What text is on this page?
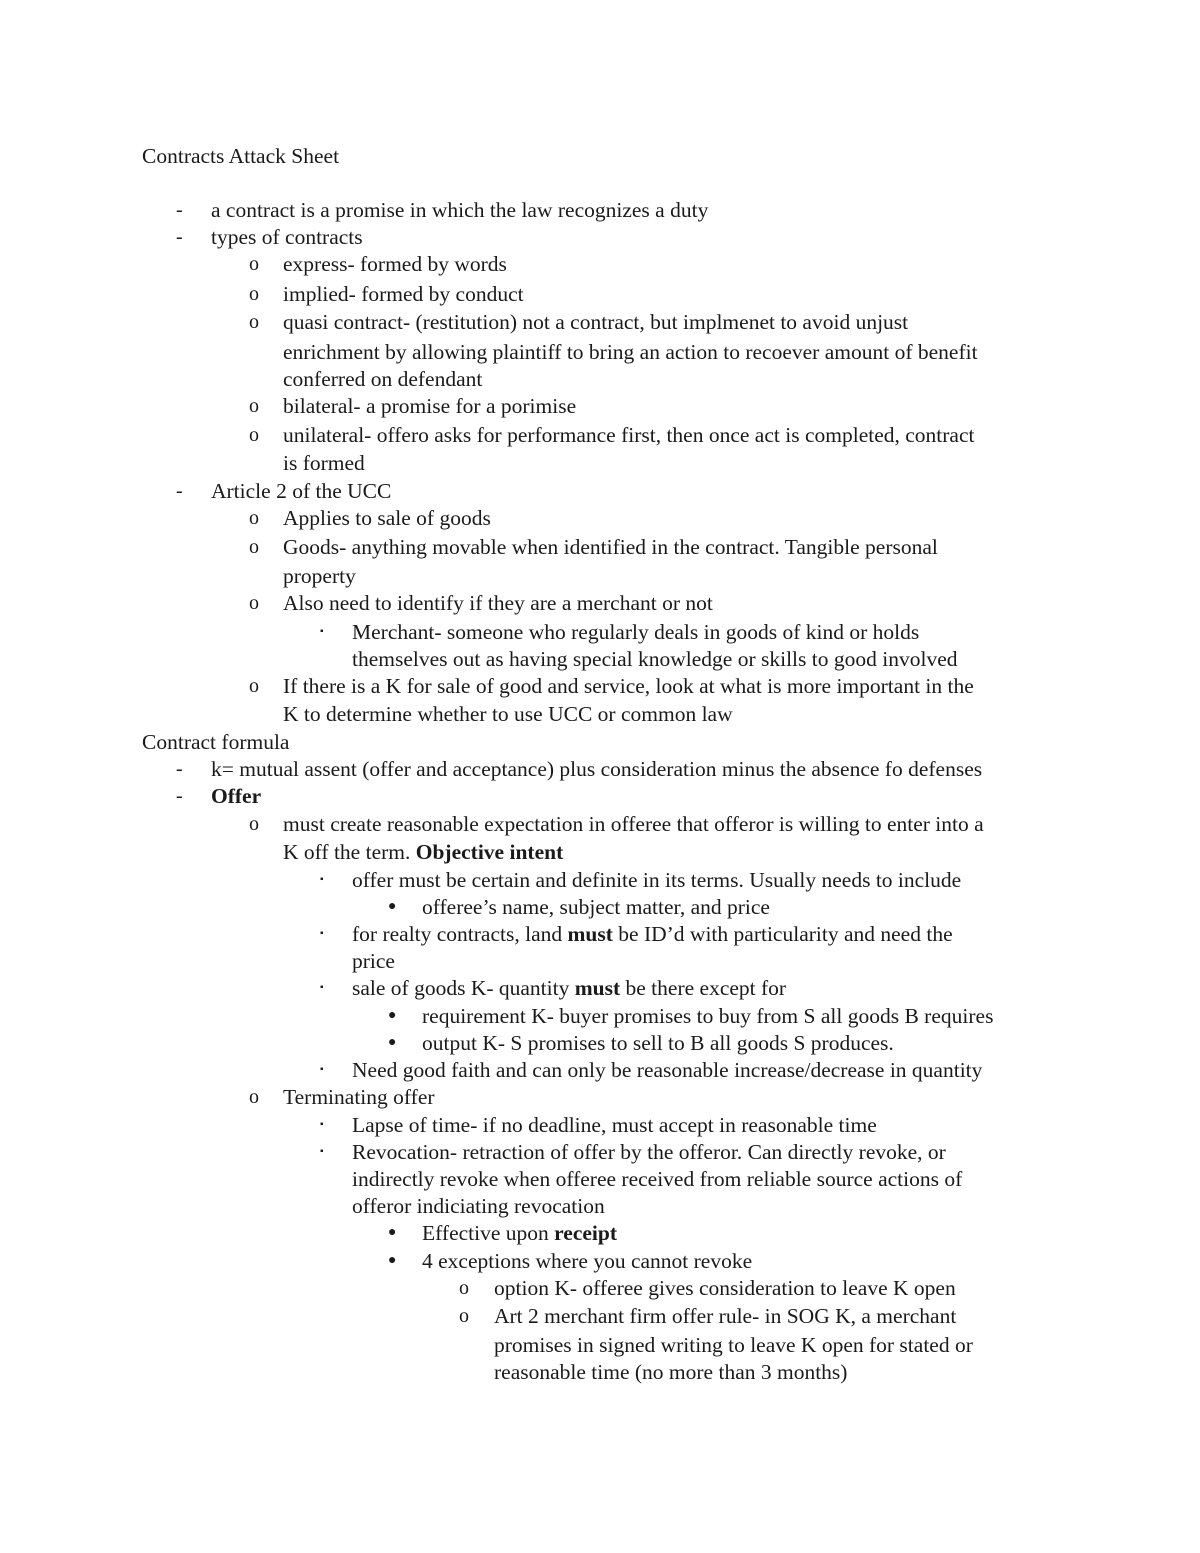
Contracts Attack Sheet
- a contract is a promise in which the law recognizes a duty
- types of contracts
o express- formed by words
o implied- formed by conduct
o quasi contract- (restitution) not a contract, but implmenet to avoid unjust
enrichment by allowing plaintiff to bring an action to recoever amount of benefit
conferred on defendant
o bilateral- a promise for a porimise
o unilateral- offero asks for performance first, then once act is completed, contract
is formed
- Article 2 of the UCC
o Applies to sale of goods
o Goods- anything movable when identified in the contract. Tangible personal
property
o Also need to identify if they are a merchant or not
▪ Merchant- someone who regularly deals in goods of kind or holds
themselves out as having special knowledge or skills to good involved
o If there is a K for sale of good and service, look at what is more important in the
K to determine whether to use UCC or common law
Contract formula
- k= mutual assent (offer and acceptance) plus consideration minus the absence fo defenses
- Offer
o must create reasonable expectation in offeree that offeror is willing to enter into a
K off the term. Objective intent
▪ offer must be certain and definite in its terms. Usually needs to include
● offeree’s name, subject matter, and price
▪ for realty contracts, land must be ID’d with particularity and need the
price
▪ sale of goods K- quantity must be there except for
● requirement K- buyer promises to buy from S all goods B requires
● output K- S promises to sell to B all goods S produces.
▪ Need good faith and can only be reasonable increase/decrease in quantity
o Terminating offer
▪ Lapse of time- if no deadline, must accept in reasonable time
▪ Revocation- retraction of offer by the offeror. Can directly revoke, or
indirectly revoke when offeree received from reliable source actions of
offeror indiciating revocation
● Effective upon receipt
● 4 exceptions where you cannot revoke
o option K- offeree gives consideration to leave K open
o Art 2 merchant firm offer rule- in SOG K, a merchant
promises in signed writing to leave K open for stated or
reasonable time (no more than 3 months)
